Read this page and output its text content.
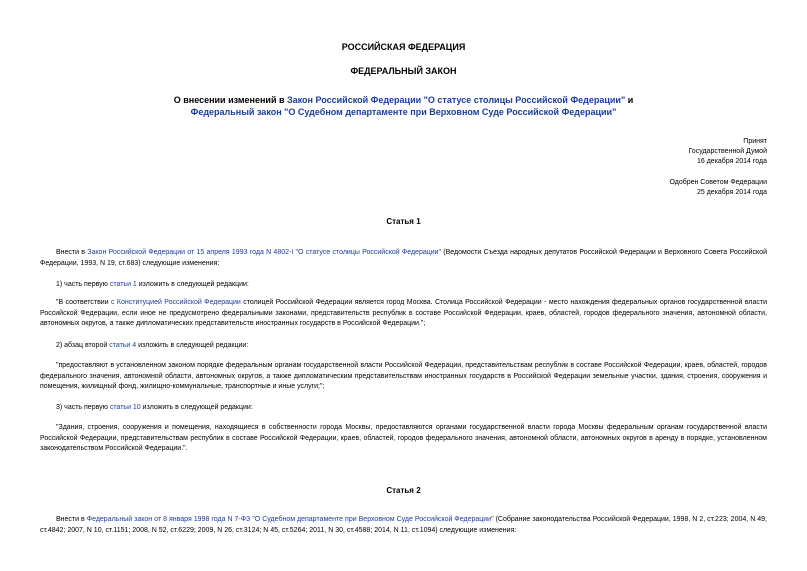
РОССИЙСКАЯ ФЕДЕРАЦИЯ
ФЕДЕРАЛЬНЫЙ ЗАКОН
О внесении изменений в Закон Российской Федерации "О статусе столицы Российской Федерации" и
Федеральный закон "О Судебном департаменте при Верховном Суде Российской Федерации"
Принят
Государственной Думой
16 декабря 2014 года
Одобрен Советом Федерации
25 декабря 2014 года
Статья 1
Внести в Закон Российской Федерации от 15 апреля 1993 года N 4802-I "О статусе столицы Российской Федерации" (Ведомости Съезда народных депутатов Российской Федерации и Верховного Совета Российской Федерации, 1993, N 19, ст.683) следующие изменения:
1) часть первую статьи 1 изложить в следующей редакции:
"В соответствии с Конституцией Российской Федерации столицей Российской Федерации является город Москва. Столица Российской Федерации - место нахождения федеральных органов государственной власти Российской Федерации, если иное не предусмотрено федеральными законами, представительств республик в составе Российской Федерации, краев, областей, городов федерального значения, автономной области, автономных округов, а также дипломатических представительств иностранных государств в Российской Федерации.";
2) абзац второй статьи 4 изложить в следующей редакции:
"предоставляют в установленном законом порядке федеральным органам государственной власти Российской Федерации, представительствам республик в составе Российской Федерации, краев, областей, городов федерального значения, автономной области, автономных округов, а также дипломатическим представительствам иностранных государств в Российской Федерации земельные участки, здания, строения, сооружения и помещения, жилищный фонд, жилищно-коммунальные, транспортные и иные услуги;";
3) часть первую статьи 10 изложить в следующей редакции:
"Здания, строения, сооружения и помещения, находящиеся в собственности города Москвы, предоставляются органами государственной власти города Москвы федеральным органам государственной власти Российской Федерации, представительствам республик в составе Российской Федерации, краев, областей, городов федерального значения, автономной области, автономных округов в аренду в порядке, установленном законодательством Российской Федерации.".
Статья 2
Внести в Федеральный закон от 8 января 1998 года N 7-ФЗ "О Судебном департаменте при Верховном Суде Российской Федерации" (Собрание законодательства Российской Федерации, 1998, N 2, ст.223; 2004, N 49, ст.4842; 2007, N 10, ст.1151; 2008, N 52, ст.6229; 2009, N 26, ст.3124; N 45, ст.5264; 2011, N 30, ст.4588; 2014, N 11, ст.1094) следующие изменения:
